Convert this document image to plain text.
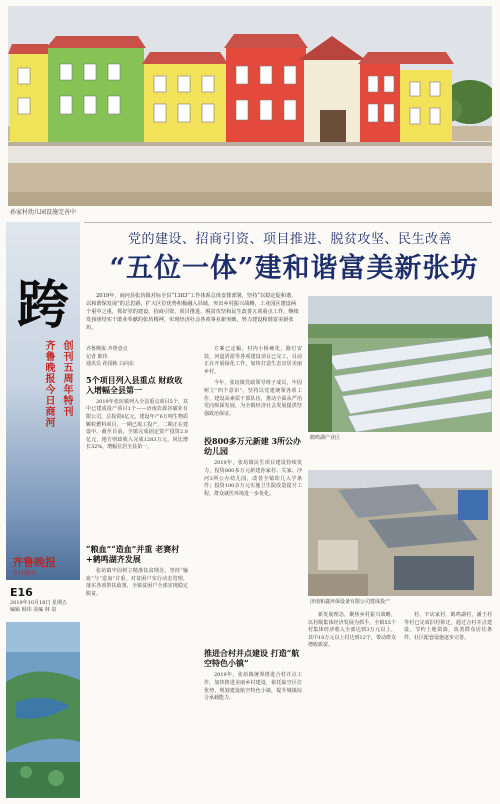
孙家村幼儿园设施完善中
跨
齐鲁晚报今日商河 创刊五周年特刊
齐鲁晚报
今日商河
E16
2019年10月18日 星期五
编辑 韩伟 美编 林 泉
党的建设、招商引资、项目推进、脱贫攻坚、民生改善
“五位一体”建和谐富美新张坊
2019年，商河县张坊镇对标全县“1383”工作体系总体安排部署，坚持“以稳定促和谐、以和谐保发展”的总思路，扩大区位优势积极融入县域，突出乡村振兴战略，工业园区建设两个重中之重，抓好党的建设、招商引资、项目推进、脱贫攻坚和民生改善五项重点工作，继续发扬团结实干敢业奉献的张坊精神，实现经济社会各项事业新突破，努力建设和谐富美新张坊。
鹤鸣湖产业区
济南和鑫环保设备有限公司建成投产
齐鲁晚报·齐鲁壹点
记者 陈伟
通讯员 孙国栋 白向东
5个项目列入县重点 财政收入增幅全县第一
2019年张坊镇列入全县重点项目5个，其中已建成投产项目1个——济南农源谷碳业有限公司，总投资6亿元，建设年产6万吨生物质颗粒燃料项目，一期已竣工投产，二期正在建设中。截至目前，全镇完成固定资产投资2.8亿元，地方财政收入完成1283万元，同比增长32%，增幅位居全县第一。
“粮血”“造血”并重 老赛村+鹤鸣湖齐发展
张坊镇牢固树立精准扶贫理念，坚持“输血”与“造血”并重，对贫困户实行动态管理，落实各项帮扶政策，全镇贫困户全部实现稳定脱贫。
方案已定稿，村内小桥硬化，路灯安装，河道清淤等各项建设项目已完工，目前正在开展绿化工作，加快打造生态宜居美丽乡村。
今年，张坊镇党政领导班子成员，牢固树立“四个意识”，坚持以党建统领各项工作，建设高素质干部队伍，推动全面从严治党向纵深发展，为全镇经济社会发展提供坚强政治保证。
投800多万元新建 3所公办幼儿园
2019年，张坊镇民生项目建设持续发力，投资800多万元新建孙家村、关家、沙河3所公办幼儿园，改善全镇幼儿入学条件；投资100余万元实施卫生院改造提升工程，群众就医环境进一步优化。
推进合村并点建设 打造“航空特色小镇”
2019年，张坊镇统筹推进合村并点工作，加快推进美丽乡村建设，依托临空区位优势，规划建设航空特色小镇，提升城镇综合承载能力。
新发展理念，聚焦乡村振兴战略，以村级集体经济发展为抓手，全镇55个村集体经济收入全部达到3万元以上，其中10万元以上村达到12个，带动群众增收致富。
村、辛店家村，鹤鸣湖村，潘王村等村已完成旧村拆迁，通过合村并点建设，节约土地资源，改善群众居住条件，社区配套设施逐步完善。
